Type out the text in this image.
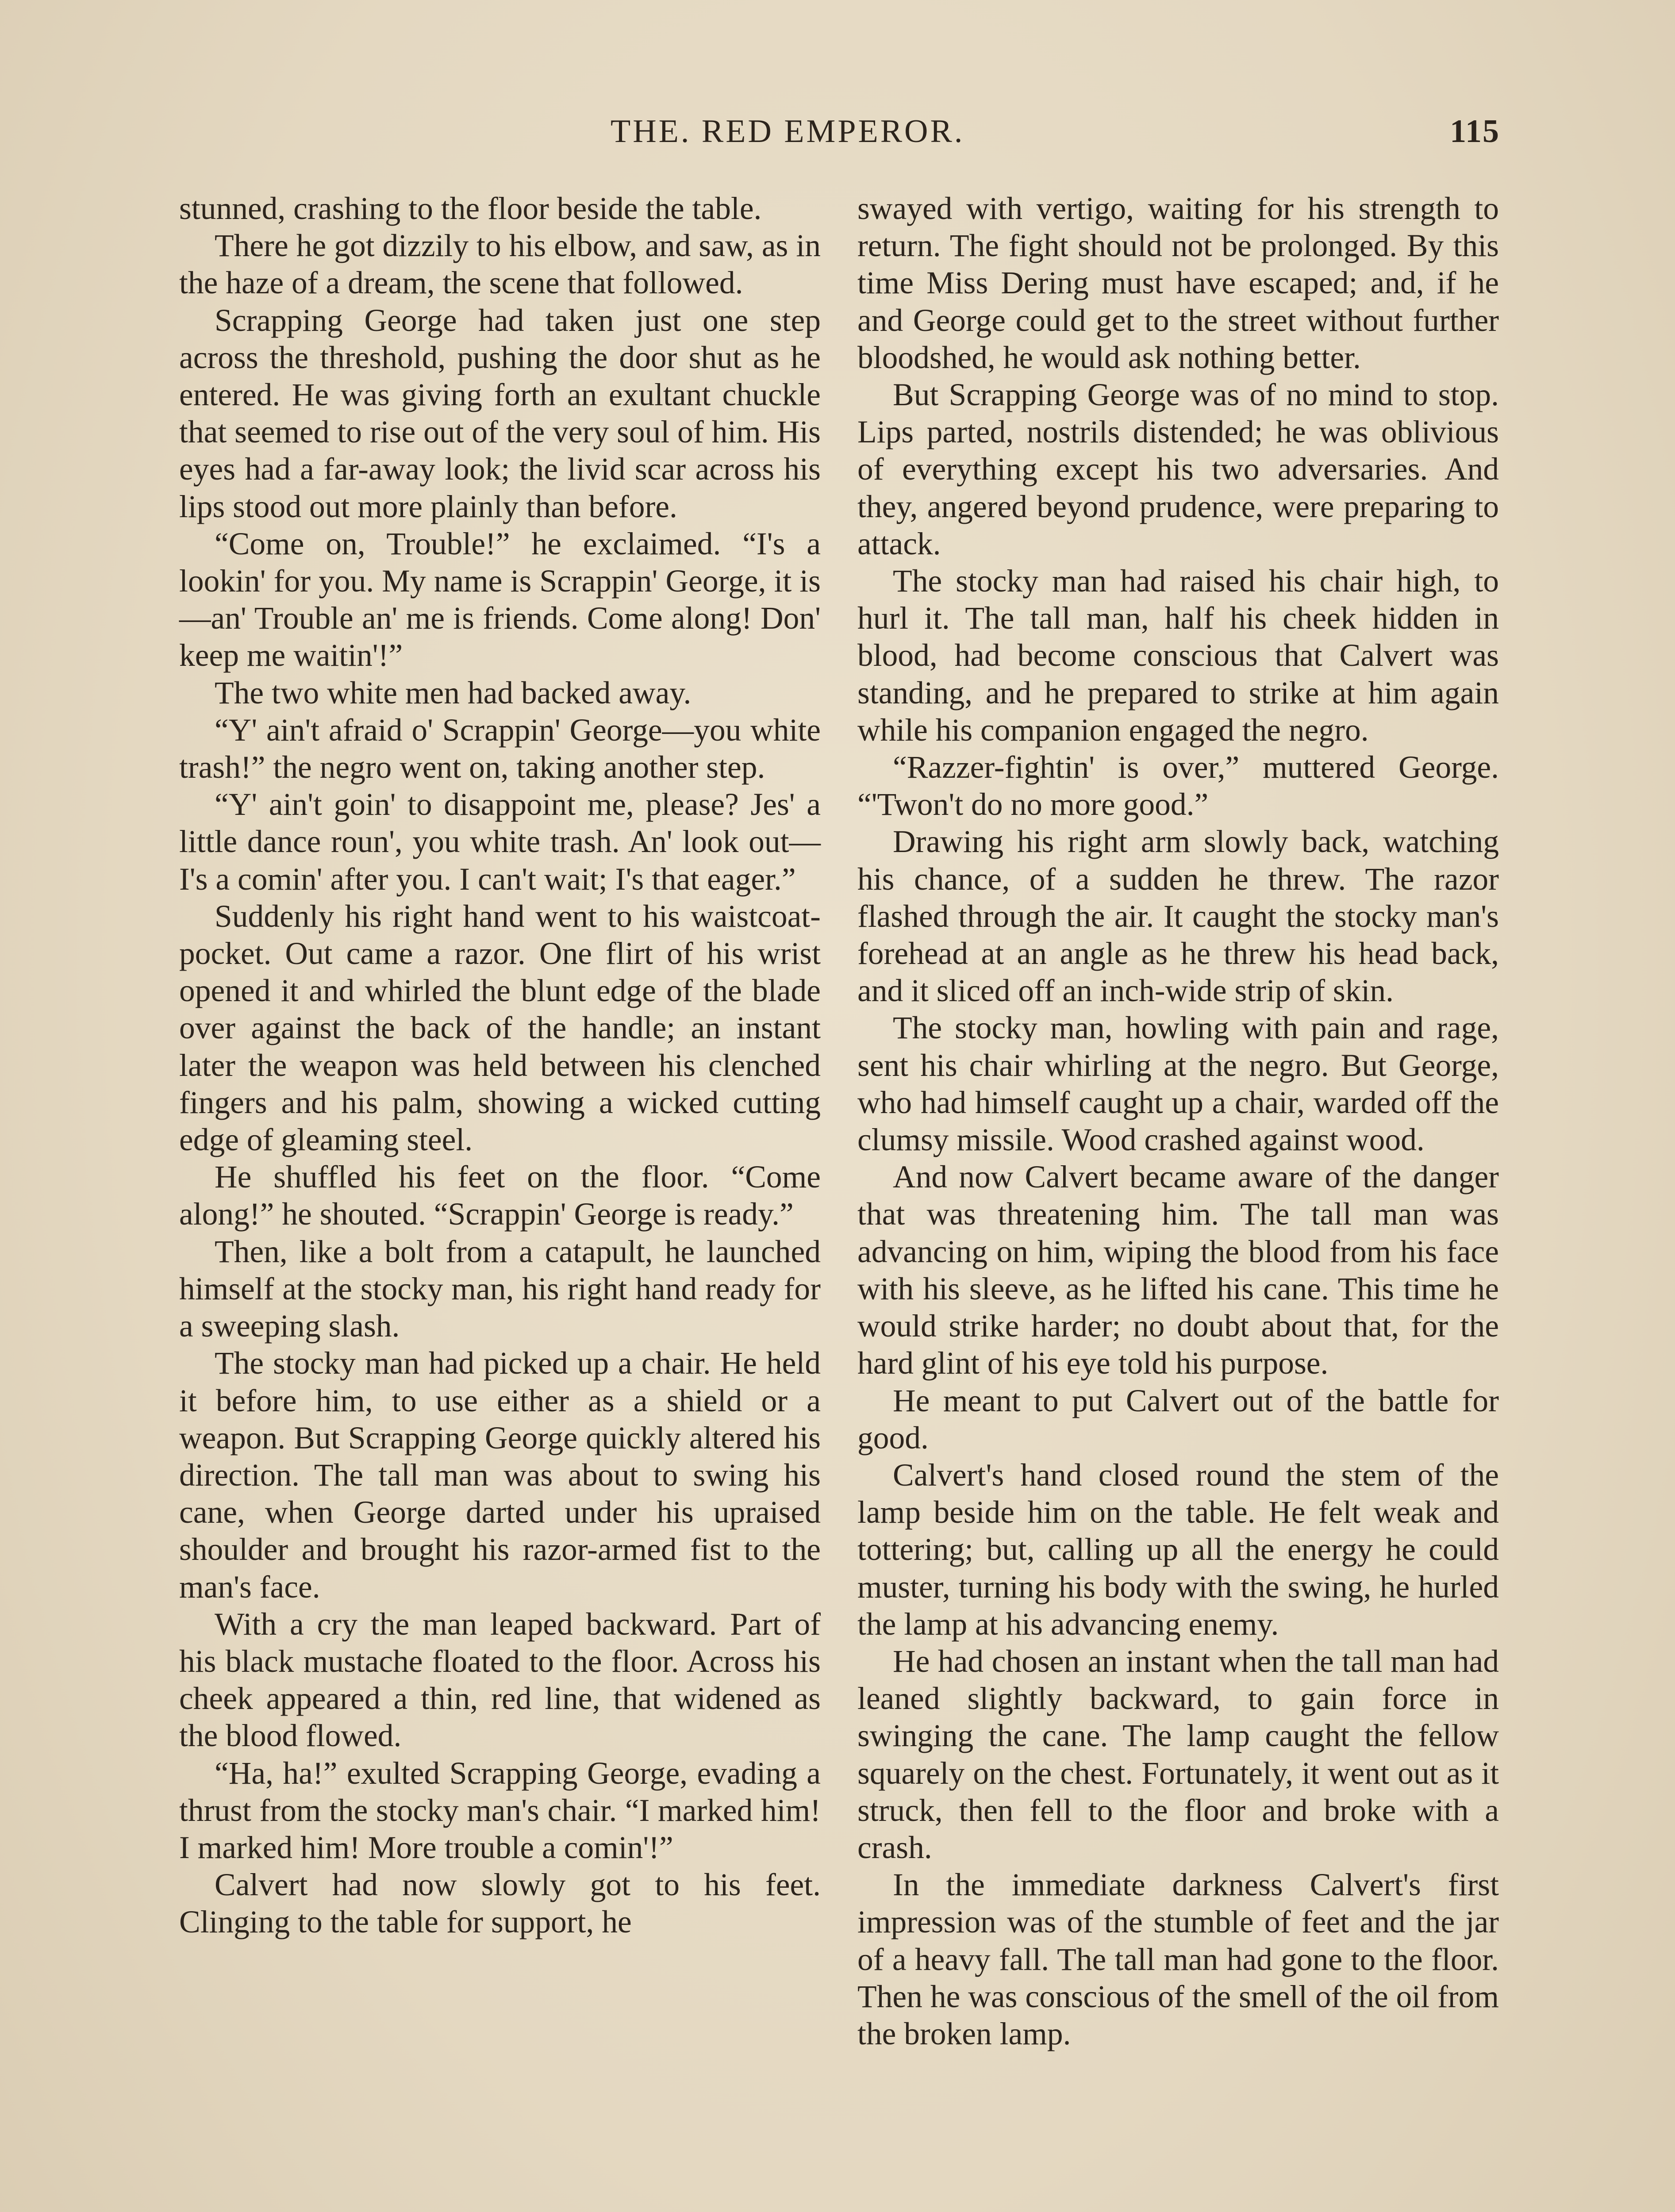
THE. RED EMPEROR.	115

stunned, crashing to the floor beside the table.

There he got dizzily to his elbow, and saw, as in the haze of a dream, the scene that followed.

Scrapping George had taken just one step across the threshold, pushing the door shut as he entered. He was giving forth an exultant chuckle that seemed to rise out of the very soul of him. His eyes had a far-away look; the livid scar across his lips stood out more plainly than before.

“Come on, Trouble!” he exclaimed. “I's a lookin' for you. My name is Scrappin' George, it is—an' Trouble an' me is friends. Come along! Don' keep me waitin'!”

The two white men had backed away.

“Y' ain't afraid o' Scrappin' George—you white trash!” the negro went on, taking another step.

“Y' ain't goin' to disappoint me, please? Jes' a little dance roun', you white trash. An' look out—I's a comin' after you. I can't wait; I's that eager.”

Suddenly his right hand went to his waistcoat-pocket. Out came a razor. One flirt of his wrist opened it and whirled the blunt edge of the blade over against the back of the handle; an instant later the weapon was held between his clenched fingers and his palm, showing a wicked cutting edge of gleaming steel.

He shuffled his feet on the floor. “Come along!” he shouted. “Scrappin' George is ready.”

Then, like a bolt from a catapult, he launched himself at the stocky man, his right hand ready for a sweeping slash.

The stocky man had picked up a chair. He held it before him, to use either as a shield or a weapon. But Scrapping George quickly altered his direction. The tall man was about to swing his cane, when George darted under his upraised shoulder and brought his razor-armed fist to the man's face.

With a cry the man leaped backward. Part of his black mustache floated to the floor. Across his cheek appeared a thin, red line, that widened as the blood flowed.

“Ha, ha!” exulted Scrapping George, evading a thrust from the stocky man's chair. “I marked him! I marked him! More trouble a comin'!”

Calvert had now slowly got to his feet. Clinging to the table for support, he

swayed with vertigo, waiting for his strength to return. The fight should not be prolonged. By this time Miss Dering must have escaped; and, if he and George could get to the street without further bloodshed, he would ask nothing better.

But Scrapping George was of no mind to stop. Lips parted, nostrils distended; he was oblivious of everything except his two adversaries. And they, angered beyond prudence, were preparing to attack.

The stocky man had raised his chair high, to hurl it. The tall man, half his cheek hidden in blood, had become conscious that Calvert was standing, and he prepared to strike at him again while his companion engaged the negro.

“Razzer-fightin' is over,” muttered George. “'Twon't do no more good.”

Drawing his right arm slowly back, watching his chance, of a sudden he threw. The razor flashed through the air. It caught the stocky man's forehead at an angle as he threw his head back, and it sliced off an inch-wide strip of skin.

The stocky man, howling with pain and rage, sent his chair whirling at the negro. But George, who had himself caught up a chair, warded off the clumsy missile. Wood crashed against wood.

And now Calvert became aware of the danger that was threatening him. The tall man was advancing on him, wiping the blood from his face with his sleeve, as he lifted his cane. This time he would strike harder; no doubt about that, for the hard glint of his eye told his purpose.

He meant to put Calvert out of the battle for good.

Calvert's hand closed round the stem of the lamp beside him on the table. He felt weak and tottering; but, calling up all the energy he could muster, turning his body with the swing, he hurled the lamp at his advancing enemy.

He had chosen an instant when the tall man had leaned slightly backward, to gain force in swinging the cane. The lamp caught the fellow squarely on the chest. Fortunately, it went out as it struck, then fell to the floor and broke with a crash.

In the immediate darkness Calvert's first impression was of the stumble of feet and the jar of a heavy fall. The tall man had gone to the floor. Then he was conscious of the smell of the oil from the broken lamp.
